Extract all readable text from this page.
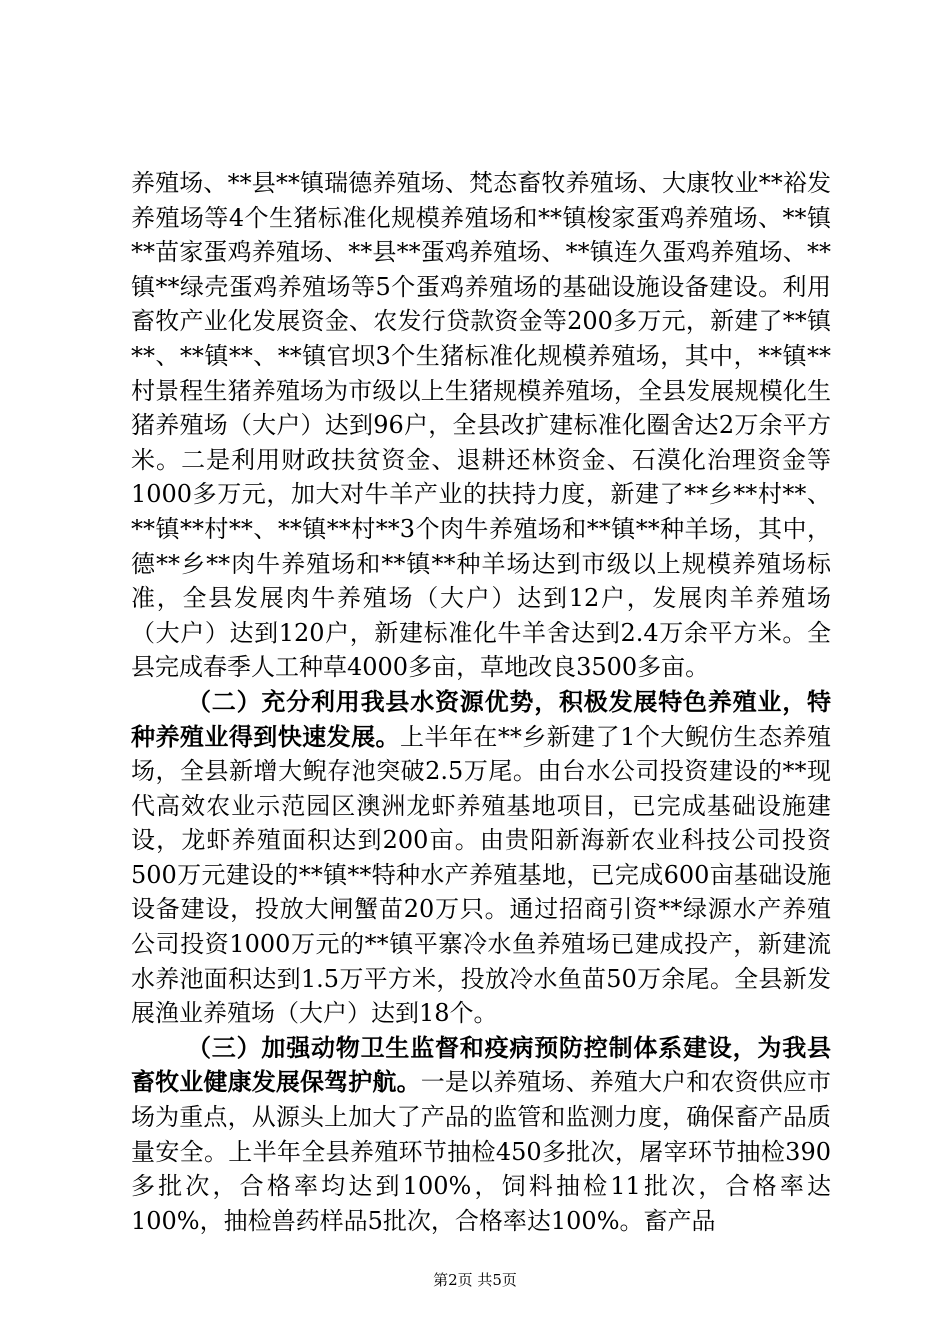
养殖场、**县**镇瑞德养殖场、梵态畜牧养殖场、大康牧业**裕发养殖场等4个生猪标准化规模养殖场和**镇梭家蛋鸡养殖场、**镇**苗家蛋鸡养殖场、**县**蛋鸡养殖场、**镇连久蛋鸡养殖场、**镇**绿壳蛋鸡养殖场等5个蛋鸡养殖场的基础设施设备建设。利用畜牧产业化发展资金、农发行贷款资金等200多万元，新建了**镇**、**镇**、**镇官坝3个生猪标准化规模养殖场，其中，**镇**村景程生猪养殖场为市级以上生猪规模养殖场，全县发展规模化生猪养殖场（大户）达到96户，全县改扩建标准化圈舍达2万余平方米。二是利用财政扶贫资金、退耕还林资金、石漠化治理资金等1000多万元，加大对牛羊产业的扶持力度，新建了**乡**村**、**镇**村**、**镇**村**3个肉牛养殖场和**镇**种羊场，其中，德**乡**肉牛养殖场和**镇**种羊场达到市级以上规模养殖场标准，全县发展肉牛养殖场（大户）达到12户，发展肉羊养殖场（大户）达到120户，新建标准化牛羊舍达到2.4万余平方米。全县完成春季人工种草4000多亩，草地改良3500多亩。

（二）充分利用我县水资源优势，积极发展特色养殖业，特种养殖业得到快速发展。上半年在**乡新建了1个大鲵仿生态养殖场，全县新增大鲵存池突破2.5万尾。由台水公司投资建设的**现代高效农业示范园区澳洲龙虾养殖基地项目，已完成基础设施建设，龙虾养殖面积达到200亩。由贵阳新海新农业科技公司投资500万元建设的**镇**特种水产养殖基地，已完成600亩基础设施设备建设，投放大闸蟹苗20万只。通过招商引资**绿源水产养殖公司投资1000万元的**镇平寨冷水鱼养殖场已建成投产，新建流水养池面积达到1.5万平方米，投放冷水鱼苗50万余尾。全县新发展渔业养殖场（大户）达到18个。

（三）加强动物卫生监督和疫病预防控制体系建设，为我县畜牧业健康发展保驾护航。一是以养殖场、养殖大户和农资供应市场为重点，从源头上加大了产品的监管和监测力度，确保畜产品质量安全。上半年全县养殖环节抽检450多批次，屠宰环节抽检390多批次，合格率均达到100%，饲料抽检11批次，合格率达100%，抽检兽药样品5批次，合格率达100%。畜产品

第2页 共5页
